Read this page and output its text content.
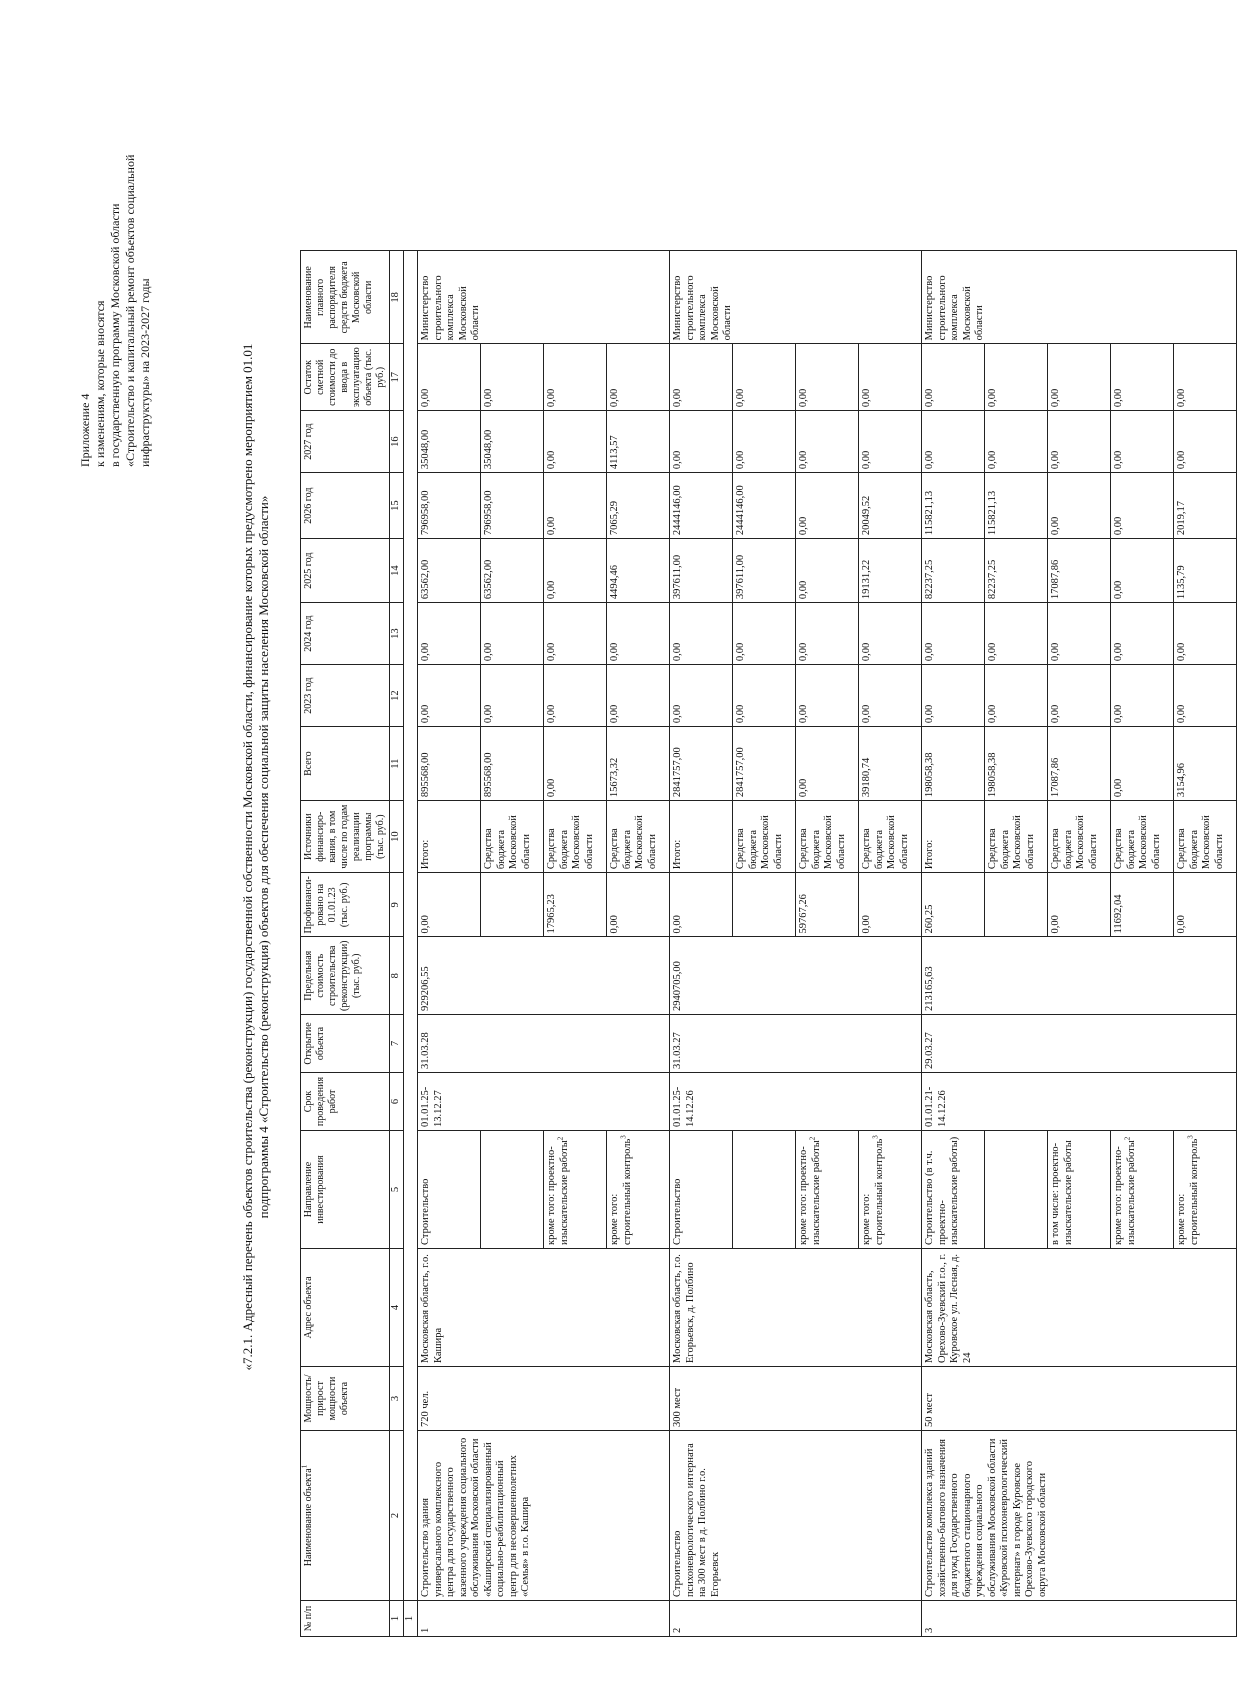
Приложение 4 к изменениям, которые вносятся в государственную программу Московской области «Строительство и капитальный ремонт объектов социальной инфраструктуры» на 2023-2027 годы	«7.2.1. Адресный перечень объектов строительства (реконструкции) государственной собственности Московской области, финансирование которых предусмотрено мероприятием 01.01 подпрограммы 4 «Строительство (реконструкция) объектов для обеспечения социальной защиты населения Московской области»
№ п/п	Наименование объекта$^1$	Мощность/ прирост мощности объекта	Адрес объекта	Направление инвестирования	Срок проведения работ	Открытие объекта	Предельная стоимость строительства (реконструкции) (тыс. руб.)	Профинанси-ровано на 01.01.23 (тыс. руб.)	Источники финансиро-вания, в том числе по годам реализации программы (тыс. руб.)	Всего	2023 год	2024 год	2025 год	2026 год	2027 год	Остаток сметной стоимости до ввода в эксплуатацию объекта (тыс. руб.)	Наименование главного распорядителя средств бюджета Московской области
1	2	3	4	5	6	7	8	9	10	11	12	13	14	15	16	17	18
1																	
1	Строительство здания универсального комплексного центра для государственного казенного учреждения социального обслуживания Московской области «Каширский специализированный социально-реабилитационный центр для несовершеннолетних «Семья» в г.о. Кашира	720 чел.	Московская область, г.о. Кашира	Строительство	01.01.25-13.12.27	31.03.28	929206,55	0,00	Итого:	895568,00	0,00	0,00	63562,00	796958,00	35048,00	0,00	Министерство строительного комплекса Московской области
									Средства бюджета Московской области	895568,00	0,00	0,00	63562,00	796958,00	35048,00	0,00	
				кроме того: проектно-изыскательские работы$^2$				17965,23	Средства бюджета Московской области	0,00	0,00	0,00	0,00	0,00	0,00	0,00	
				кроме того: строительный контроль$^3$				0,00	Средства бюджета Московской области	15673,32	0,00	0,00	4494,46	7065,29	4113,57	0,00	
2	Строительство психоневрологического интерната на 300 мест в д. Полбино г.о. Егорьевск	300 мест	Московская область, г.о. Егорьевск, д. Полбино	Строительство	01.01.25-14.12.26	31.03.27	2940705,00	0,00	Итого:	2841757,00	0,00	0,00	397611,00	2444146,00	0,00	0,00	Министерство строительного комплекса Московской области
									Средства бюджета Московской области	2841757,00	0,00	0,00	397611,00	2444146,00	0,00	0,00	
				кроме того: проектно-изыскательские работы$^2$				59767,26	Средства бюджета Московской области	0,00	0,00	0,00	0,00	0,00	0,00	0,00	
				кроме того: строительный контроль$^3$				0,00	Средства бюджета Московской области	39180,74	0,00	0,00	19131,22	20049,52	0,00	0,00	
3	Строительство комплекса зданий хозяйственно-бытового назначения для нужд Государственного бюджетного стационарного учреждения социального обслуживания Московской области «Куровской психоневрологический интернат» в городе Куровское Орехово-Зуевского городского округа Московской области	50 мест	Московская область, Орехово-Зуевский г.о., г. Куровское ул. Лесная, д. 24	Строительство (в т.ч. проектно-изыскательские работы)	01.01.21-14.12.26	29.03.27	213165,63	260,25	Итого:	198058,38	0,00	0,00	82237,25	115821,13	0,00	0,00	Министерство строительного комплекса Московской области
									Средства бюджета Московской области	198058,38	0,00	0,00	82237,25	115821,13	0,00	0,00	
				в том числе: проектно-изыскательские работы				0,00	Средства бюджета Московской области	17087,86	0,00	0,00	17087,86	0,00	0,00	0,00	
				кроме того: проектно-изыскательские работы$^2$				11692,04	Средства бюджета Московской области	0,00	0,00	0,00	0,00	0,00	0,00	0,00	
				кроме того: строительный контроль$^3$				0,00	Средства бюджета Московской области	3154,96	0,00	0,00	1135,79	2019,17	0,00	0,00	
